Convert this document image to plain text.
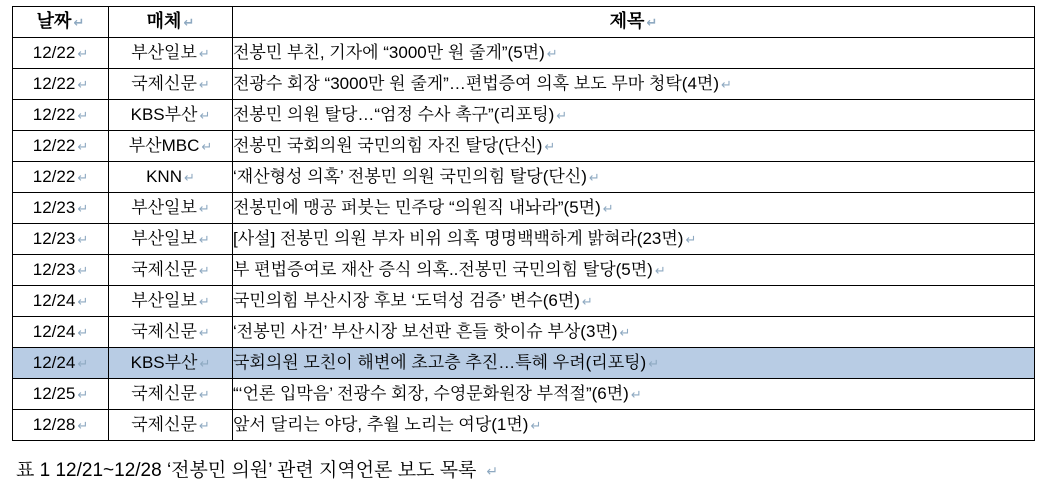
날짜 ↵	매체 ↵	제목 ↵
12/22 ↵	부산일보 ↵	전봉민 부친, 기자에 “3000만 원 줄게”(5면) ↵
12/22 ↵	국제신문 ↵	전광수 회장 “3000만 원 줄게”…편법증여 의혹 보도 무마 청탁(4면) ↵
12/22 ↵	KBS부산 ↵	전봉민 의원 탈당…“엄정 수사 촉구”(리포팅) ↵
12/22 ↵	부산MBC ↵	전봉민 국회의원 국민의힘 자진 탈당(단신) ↵
12/22 ↵	KNN ↵	‘재산형성 의혹’ 전봉민 의원 국민의힘 탈당(단신) ↵
12/23 ↵	부산일보 ↵	전봉민에 맹공 퍼붓는 민주당 “의원직 내놔라”(5면) ↵
12/23 ↵	부산일보 ↵	[사설] 전봉민 의원 부자 비위 의혹 명명백백하게 밝혀라(23면) ↵
12/23 ↵	국제신문 ↵	부 편법증여로 재산 증식 의혹..전봉민 국민의힘 탈당(5면) ↵
12/24 ↵	부산일보 ↵	국민의힘 부산시장 후보 ‘도덕성 검증’ 변수(6면) ↵
12/24 ↵	국제신문 ↵	‘전봉민 사건’ 부산시장 보선판 흔들 핫이슈 부상(3면) ↵
12/24 ↵	KBS부산 ↵	국회의원 모친이 해변에 초고층 추진…특혜 우려(리포팅) ↵
12/25 ↵	국제신문 ↵	“‘언론 입막음’ 전광수 회장, 수영문화원장 부적절”(6면) ↵
12/28 ↵	국제신문 ↵	앞서 달리는 야당, 추월 노리는 여당(1면) ↵
표 1 12/21~12/28 ‘전봉민 의원’ 관련 지역언론 보도 목록 ↵
